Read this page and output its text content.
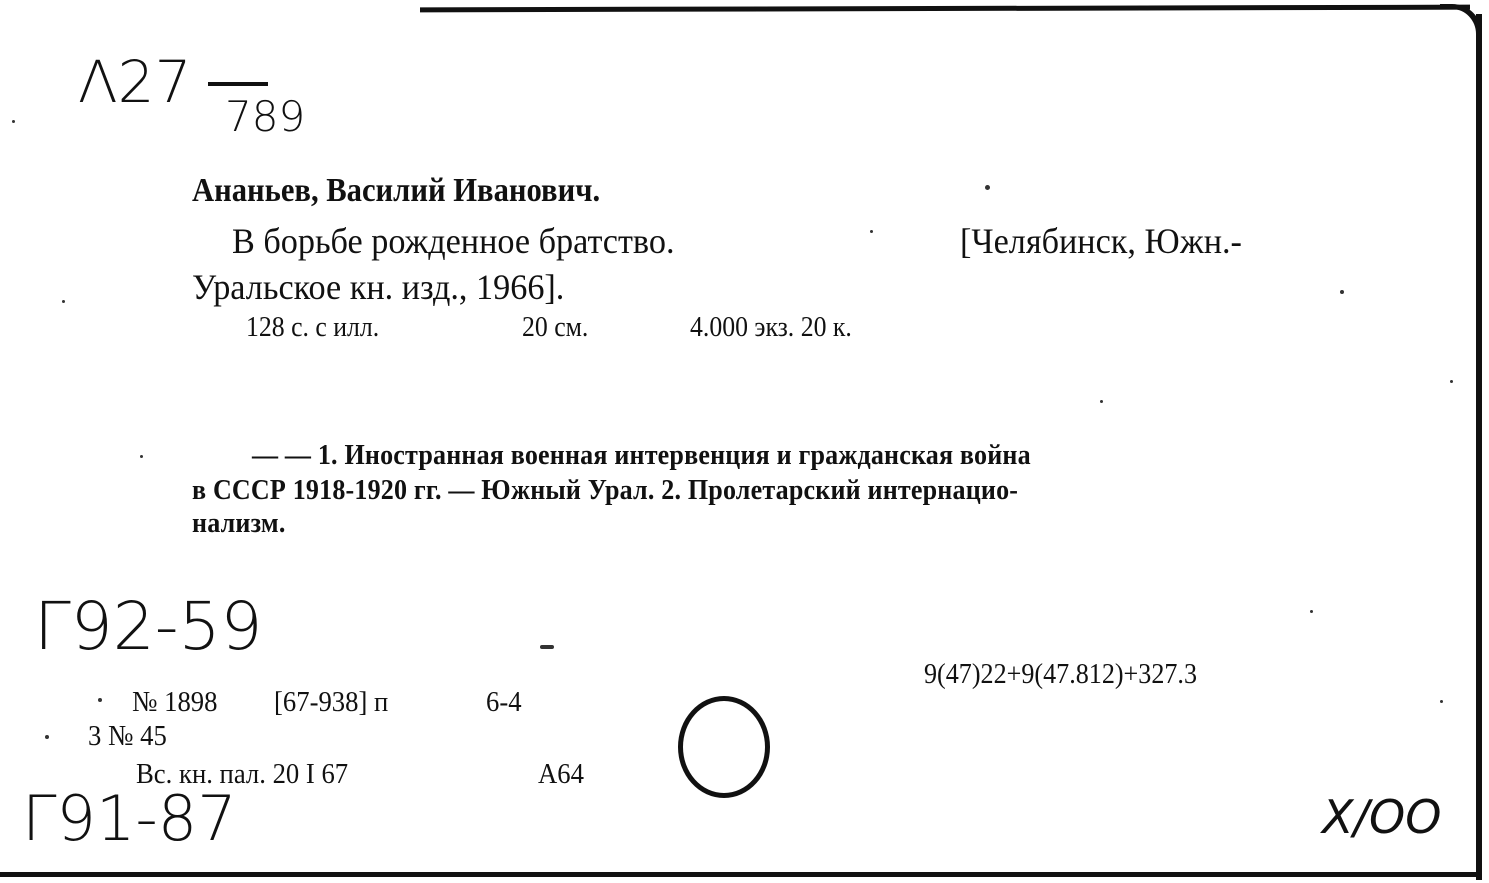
Λ27
789
Ананьев, Василий Иванович.
В борьбе рожденное братство.	[Челябинск, Южн.-
Уральское кн. изд., 1966].
128 с. с илл.	20 см.	4.000 экз. 20 к.
— — 1. Иностранная военная интервенция и гражданская война
в СССР 1918-1920 гг. — Южный Урал. 2. Пролетарский интернацио-
нализм.
Г92-59
Г91-87	Х/ОО
№ 1898 [67-938] п	6-4
3 № 45
Вс. кн. пал. 20 I 67	А64
9(47)22+9(47.812)+327.3
